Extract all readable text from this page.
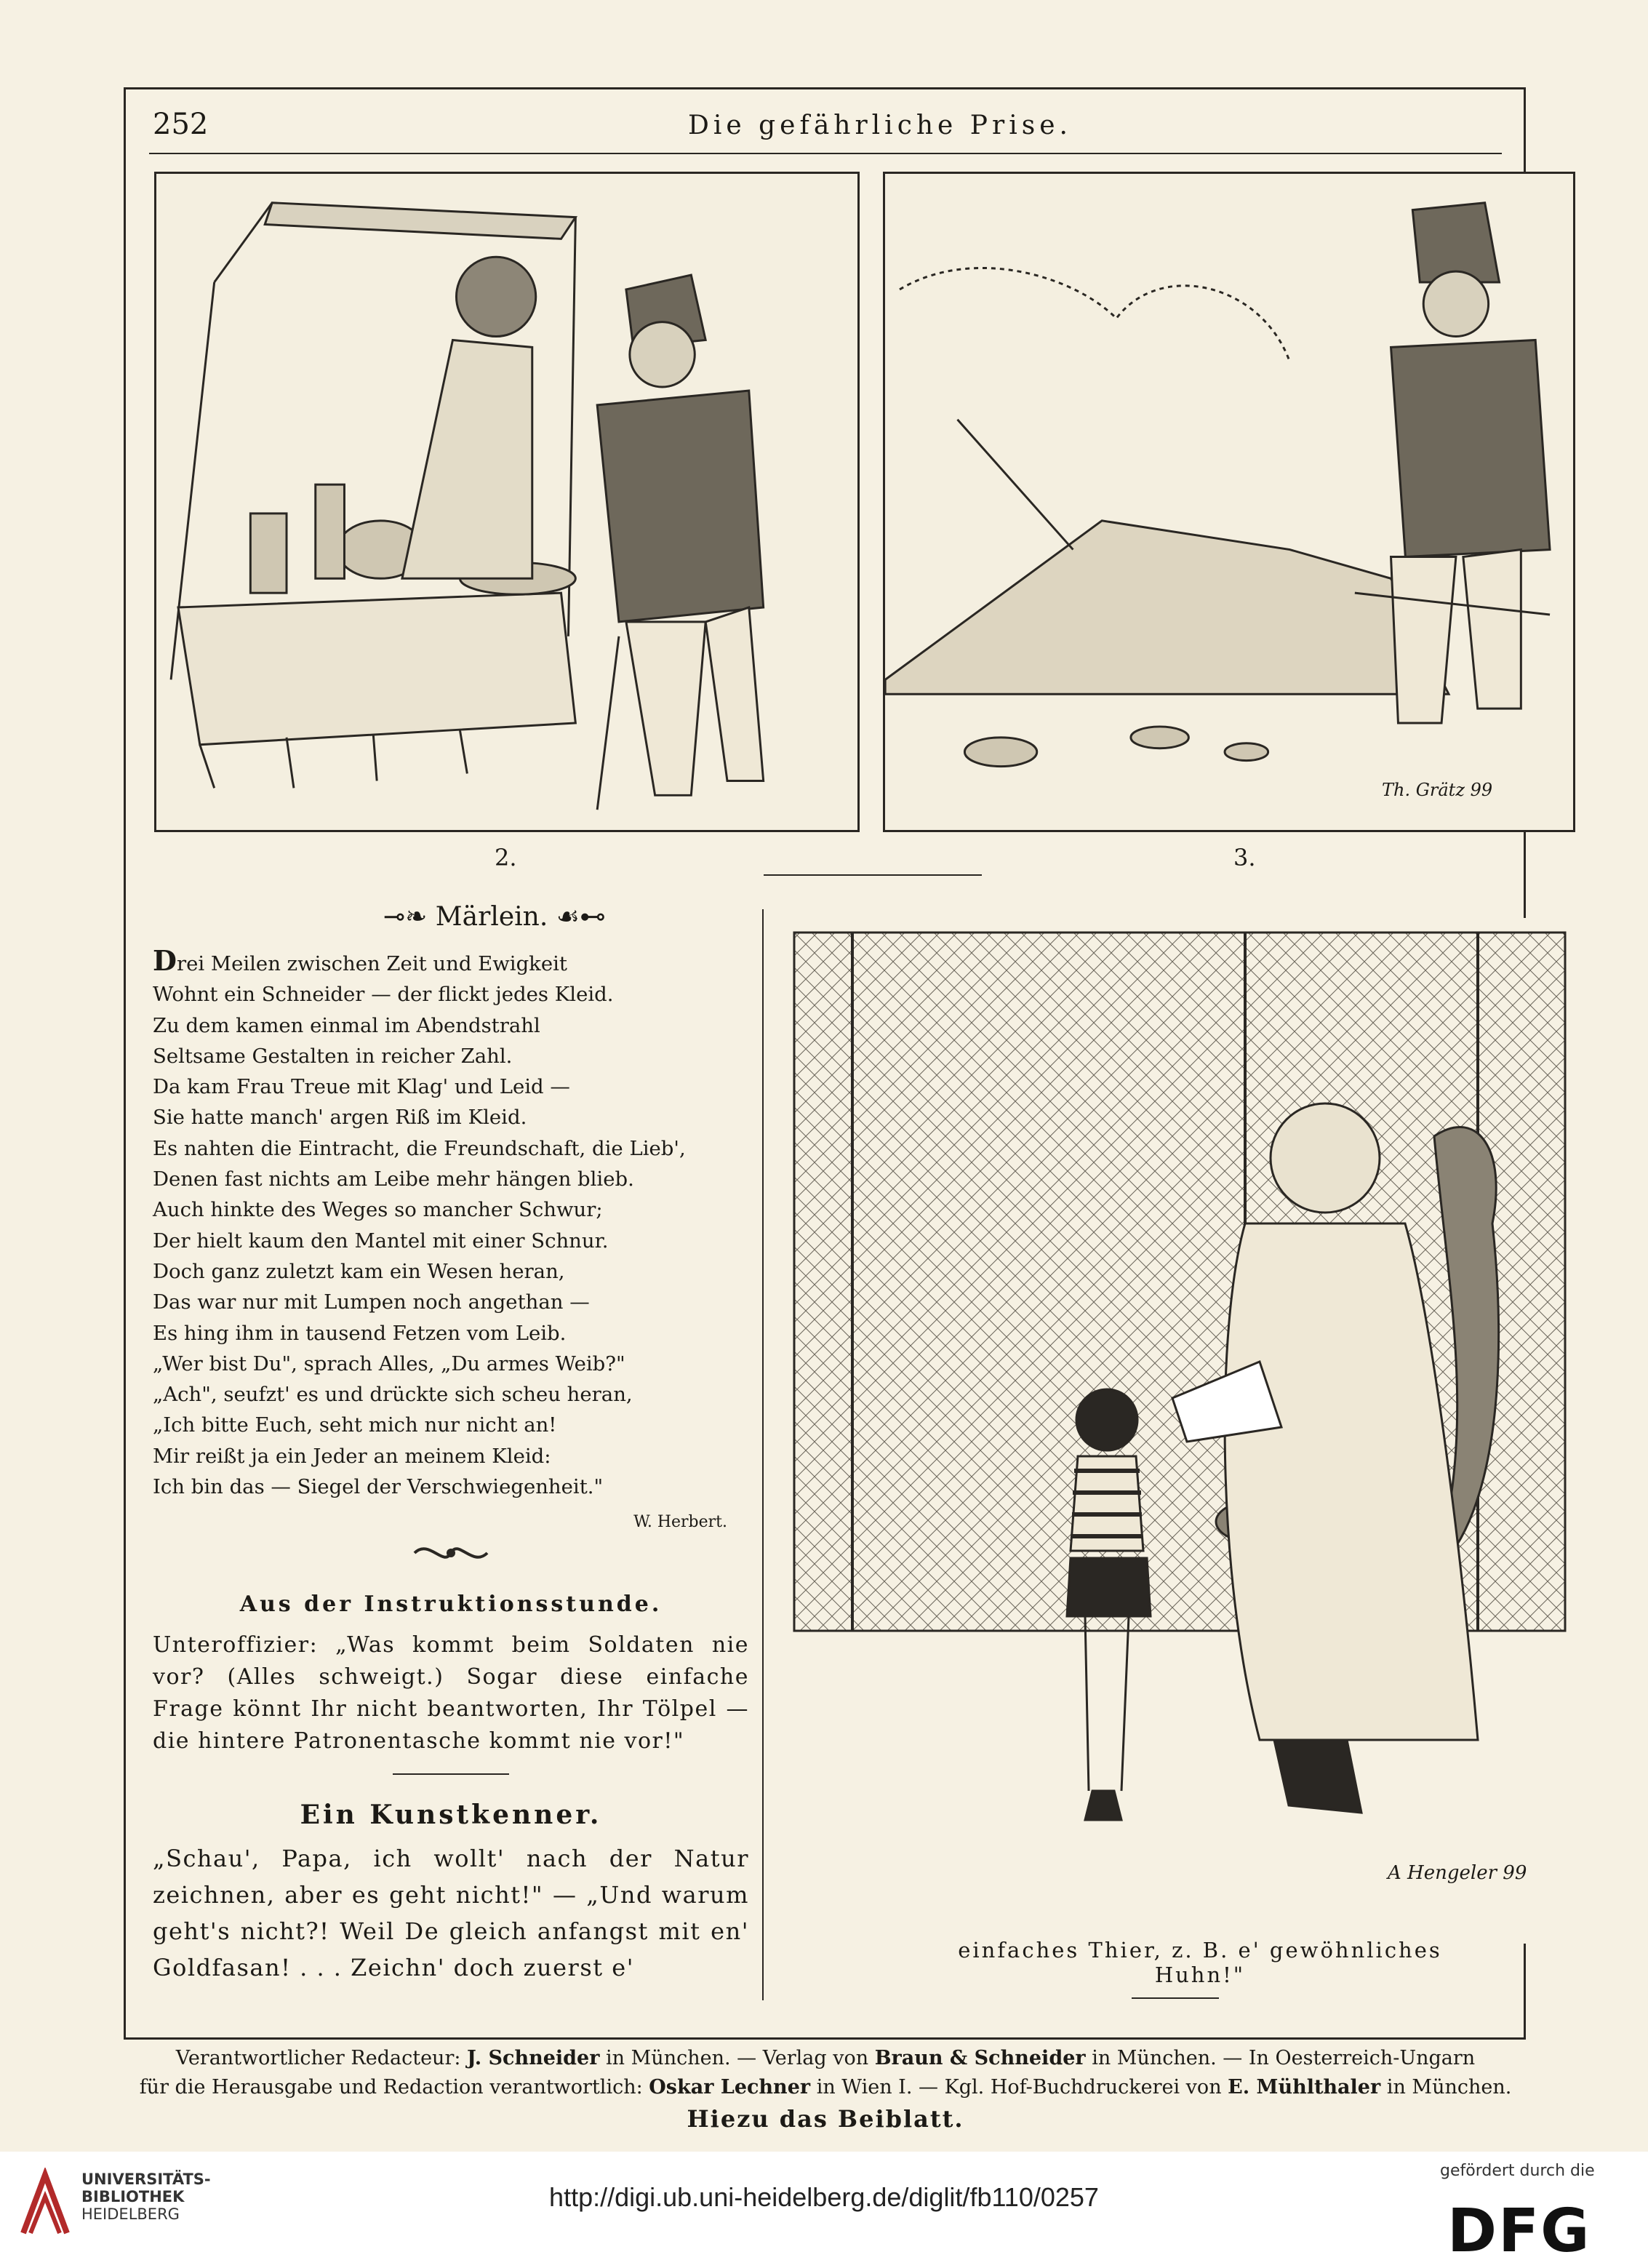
252	Die gefährliche Prise.
2.
Th. Grätz 99
3.
⊸❧ Märlein. ☙⊷
Drei Meilen zwischen Zeit und Ewigkeit
Wohnt ein Schneider — der flickt jedes Kleid.
Zu dem kamen einmal im Abendstrahl
Seltsame Gestalten in reicher Zahl.
Da kam Frau Treue mit Klag' und Leid —
Sie hatte manch' argen Riß im Kleid.
Es nahten die Eintracht, die Freundschaft, die Lieb',
Denen fast nichts am Leibe mehr hängen blieb.
Auch hinkte des Weges so mancher Schwur;
Der hielt kaum den Mantel mit einer Schnur.
Doch ganz zuletzt kam ein Wesen heran,
Das war nur mit Lumpen noch angethan —
Es hing ihm in tausend Fetzen vom Leib.
„Wer bist Du", sprach Alles, „Du armes Weib?"
„Ach", seufzt' es und drückte sich scheu heran,
„Ich bitte Euch, seht mich nur nicht an!
Mir reißt ja ein Jeder an meinem Kleid:
Ich bin das — Siegel der Verschwiegenheit."
W. Herbert.
Aus der Instruktionsstunde.
Unteroffizier: „Was kommt beim Soldaten nie vor? (Alles schweigt.) Sogar diese einfache Frage könnt Ihr nicht beantworten, Ihr Tölpel — die hintere Patronentasche kommt nie vor!"
Ein Kunstkenner.
„Schau', Papa, ich wollt' nach der Natur zeichnen, aber es geht nicht!" — „Und warum geht's nicht?! Weil De gleich anfangst mit en' Goldfasan! . . . Zeichn' doch zuerst e'
A Hengeler 99
einfaches Thier, z. B. e' gewöhnliches Huhn!"
Verantwortlicher Redacteur: J. Schneider in München. — Verlag von Braun & Schneider in München. — In Oesterreich-Ungarn
für die Herausgabe und Redaction verantwortlich: Oskar Lechner in Wien I. — Kgl. Hof-Buchdruckerei von E. Mühlthaler in München.
Hiezu das Beiblatt.
UNIVERSITÄTS-
BIBLIOTHEK
HEIDELBERG
http://digi.ub.uni-heidelberg.de/diglit/fb110/0257
gefördert durch die
DFG
